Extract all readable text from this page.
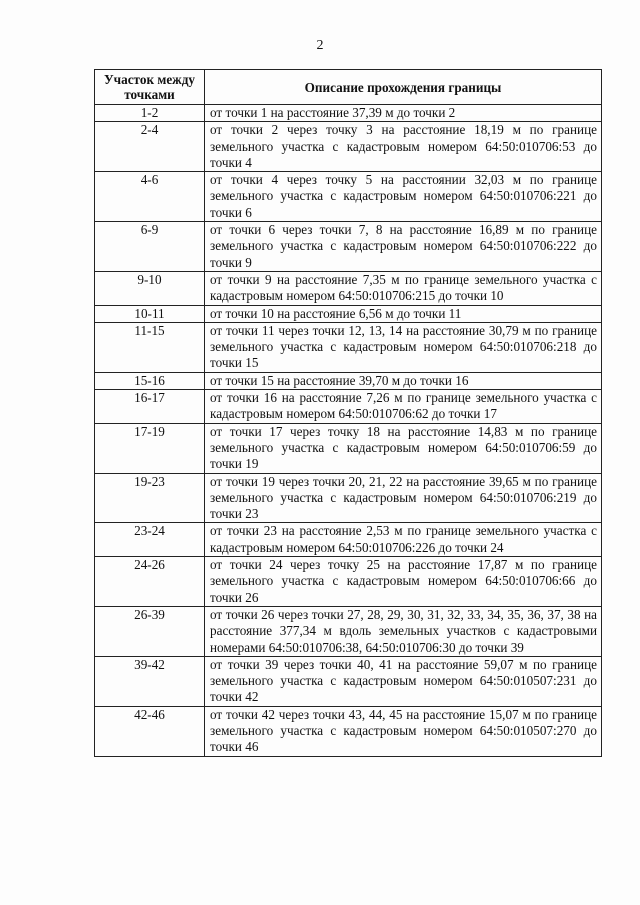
2
Участок между точками	Описание прохождения границы
1-2	от точки 1 на расстояние 37,39 м до точки 2
2-4	от точки 2 через точку 3 на расстояние 18,19 м по границе земельного участка с кадастровым номером 64:50:010706:53 до точки 4
4-6	от точки 4 через точку 5 на расстоянии 32,03 м по границе земельного участка с кадастровым номером 64:50:010706:221 до точки 6
6-9	от точки 6 через точки 7, 8 на расстояние 16,89 м по границе земельного участка с кадастровым номером 64:50:010706:222 до точки 9
9-10	от точки 9 на расстояние 7,35 м по границе земельного участка с кадастровым номером 64:50:010706:215 до точки 10
10-11	от точки 10 на расстояние 6,56 м до точки 11
11-15	от точки 11 через точки 12, 13, 14 на расстояние 30,79 м по границе земельного участка с кадастровым номером 64:50:010706:218 до точки 15
15-16	от точки 15 на расстояние 39,70 м до точки 16
16-17	от точки 16 на расстояние 7,26 м по границе земельного участка с кадастровым номером 64:50:010706:62 до точки 17
17-19	от точки 17 через точку 18 на расстояние 14,83 м по границе земельного участка с кадастровым номером 64:50:010706:59 до точки 19
19-23	от точки 19 через точки 20, 21, 22 на расстояние 39,65 м по границе земельного участка с кадастровым номером 64:50:010706:219 до точки 23
23-24	от точки 23 на расстояние 2,53 м по границе земельного участка с кадастровым номером 64:50:010706:226 до точки 24
24-26	от точки 24 через точку 25 на расстояние 17,87 м по границе земельного участка с кадастровым номером 64:50:010706:66 до точки 26
26-39	от точки 26 через точки 27, 28, 29, 30, 31, 32, 33, 34, 35, 36, 37, 38 на расстояние 377,34 м вдоль земельных участков с кадастровыми номерами 64:50:010706:38, 64:50:010706:30 до точки 39
39-42	от точки 39 через точки 40, 41 на расстояние 59,07 м по границе земельного участка с кадастровым номером 64:50:010507:231 до точки 42
42-46	от точки 42 через точки 43, 44, 45 на расстояние 15,07 м по границе земельного участка с кадастровым номером 64:50:010507:270 до точки 46
